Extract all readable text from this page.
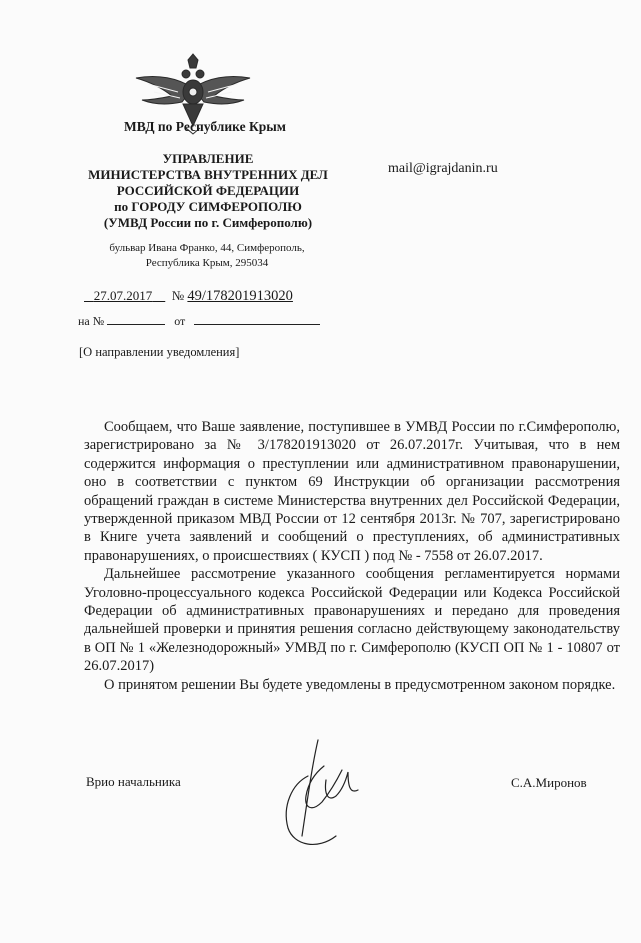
МВД по Республике Крым
УПРАВЛЕНИЕ
МИНИСТЕРСТВА ВНУТРЕННИХ ДЕЛ
РОССИЙСКОЙ ФЕДЕРАЦИИ
по ГОРОДУ СИМФЕРОПОЛЮ
(УМВД России по г. Симферополю)
бульвар Ивана Франко, 44, Симферополь,
Республика Крым, 295034
mail@igrajdanin.ru
27.07.2017 № 49/178201913020
на №	от
[О направлении уведомления]

Сообщаем, что Ваше заявление, поступившее в УМВД России по г.Симферополю, зарегистрировано за № 3/178201913020 от 26.07.2017г. Учитывая, что в нем содержится информация о преступлении или административном правонарушении, оно в соответствии с пунктом 69 Инструкции об организации рассмотрения обращений граждан в системе Министерства внутренних дел Российской Федерации, утвержденной приказом МВД России от 12 сентября 2013г. № 707, зарегистрировано в Книге учета заявлений и сообщений о преступлениях, об административных правонарушениях, о происшествиях ( КУСП ) под № - 7558 от 26.07.2017.

Дальнейшее рассмотрение указанного сообщения регламентируется нормами Уголовно-процессуального кодекса Российской Федерации или Кодекса Российской Федерации об административных правонарушениях и передано для проведения дальнейшей проверки и принятия решения согласно действующему законодательству в ОП № 1 «Железнодорожный» УМВД по г. Симферополю (КУСП ОП № 1 - 10807 от 26.07.2017)

О принятом решении Вы будете уведомлены в предусмотренном законом порядке.

Врио начальника	С.А.Миронов
